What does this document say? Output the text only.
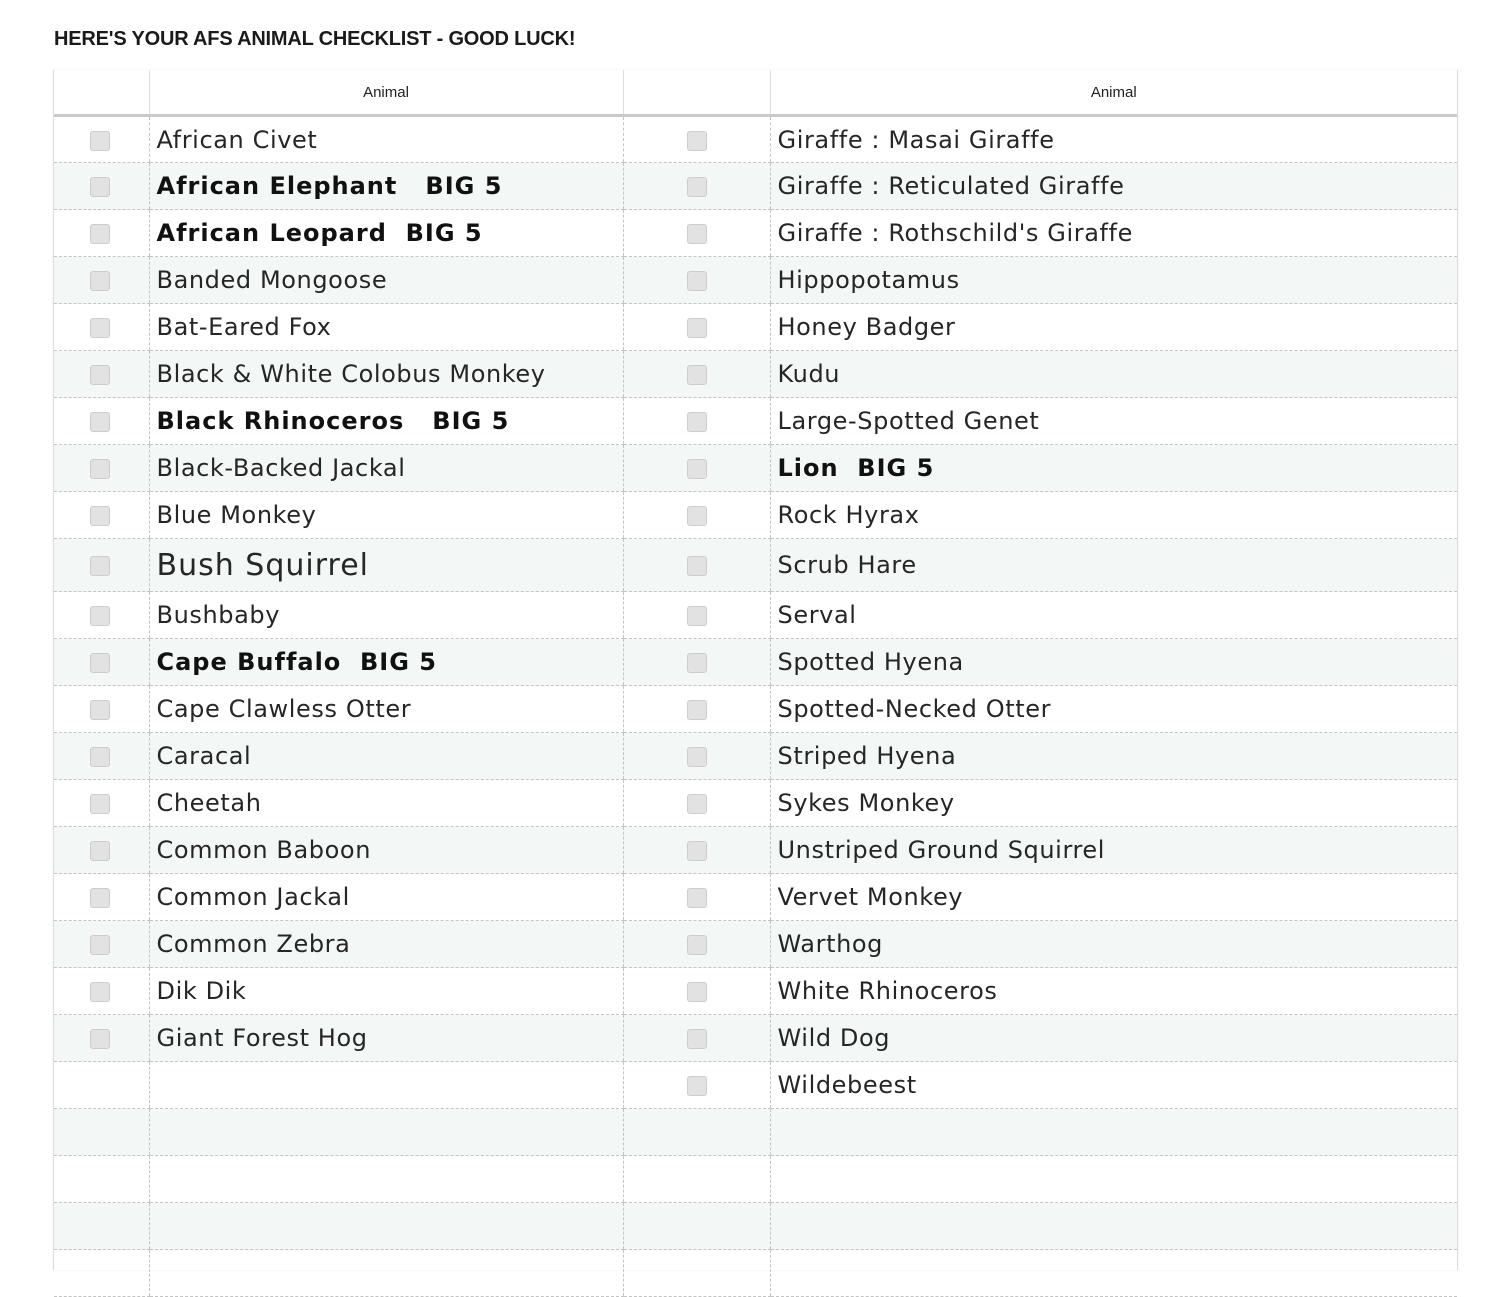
HERE'S YOUR AFS ANIMAL CHECKLIST - GOOD LUCK!
	Animal		Animal
	African Civet		Giraffe : Masai Giraffe
	African Elephant   BIG 5		Giraffe : Reticulated Giraffe
	African Leopard  BIG 5		Giraffe : Rothschild's Giraffe
	Banded Mongoose		Hippopotamus
	Bat-Eared Fox		Honey Badger
	Black & White Colobus Monkey		Kudu
	Black Rhinoceros   BIG 5		Large-Spotted Genet
	Black-Backed Jackal		Lion  BIG 5
	Blue Monkey		Rock Hyrax
	Bush Squirrel		Scrub Hare
	Bushbaby		Serval
	Cape Buffalo  BIG 5		Spotted Hyena
	Cape Clawless Otter		Spotted-Necked Otter
	Caracal		Striped Hyena
	Cheetah		Sykes Monkey
	Common Baboon		Unstriped Ground Squirrel
	Common Jackal		Vervet Monkey
	Common Zebra		Warthog
	Dik Dik		White Rhinoceros
	Giant Forest Hog		Wild Dog
			Wildebeest
